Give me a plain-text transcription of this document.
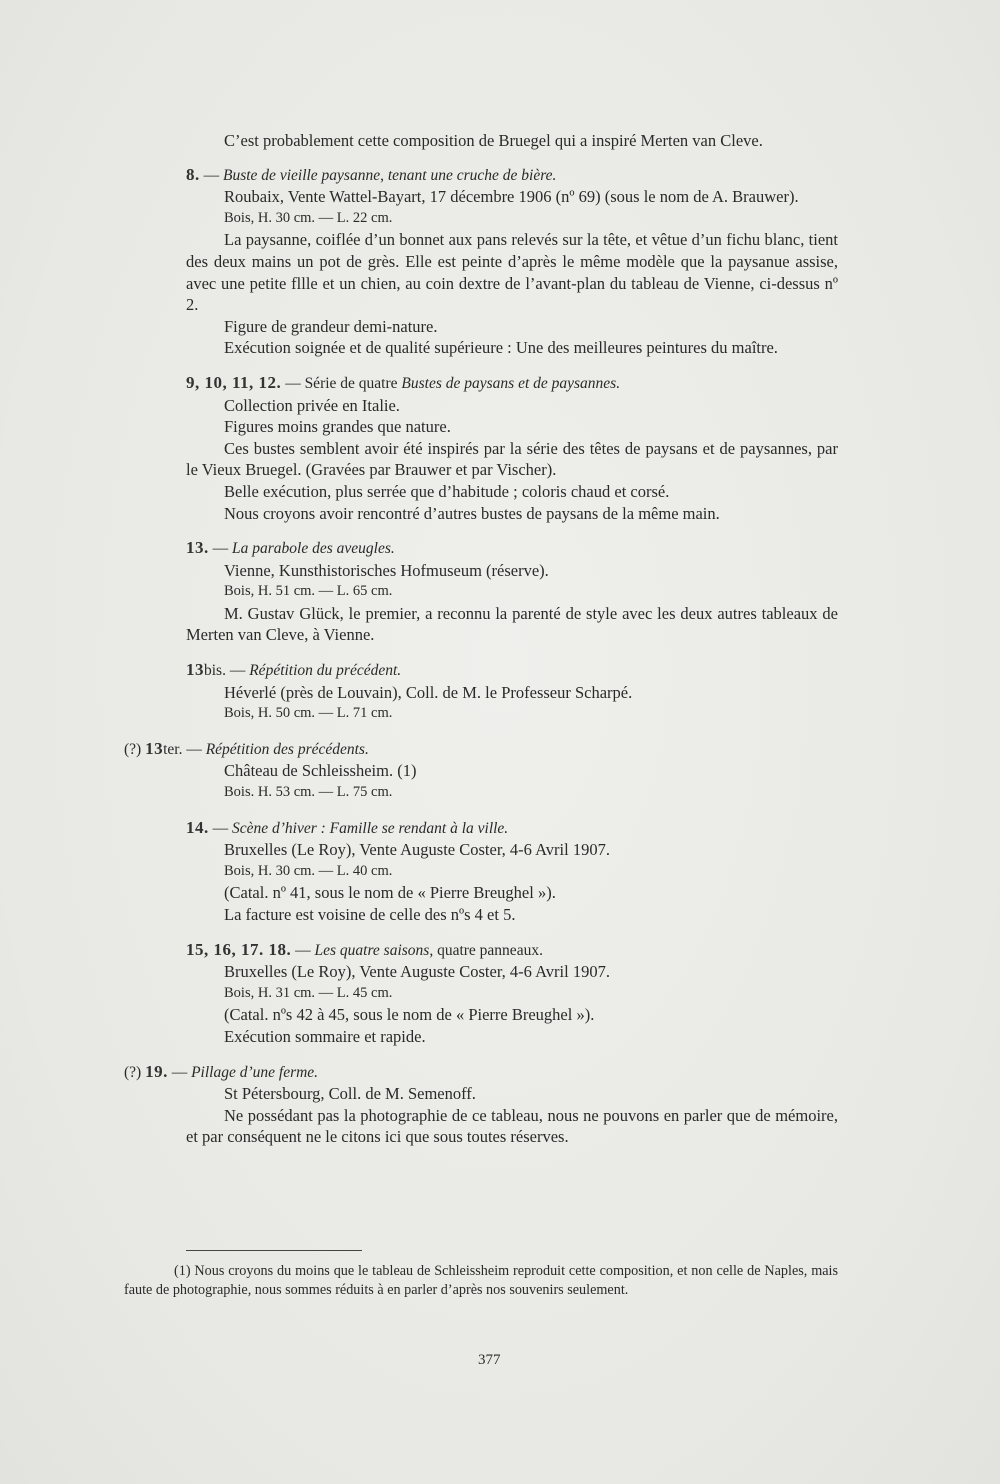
C’est probablement cette composition de Bruegel qui a inspiré Merten van Cleve.

8. — Buste de vieille paysanne, tenant une cruche de bière.

Roubaix, Vente Wattel-Bayart, 17 décembre 1906 (nº 69) (sous le nom de A. Brauwer).

Bois, H. 30 cm. — L. 22 cm.

La paysanne, coiflée d’un bonnet aux pans relevés sur la tête, et vêtue d’un fichu blanc, tient des deux mains un pot de grès. Elle est peinte d’après le même modèle que la paysanue assise, avec une petite fllle et un chien, au coin dextre de l’avant-plan du tableau de Vienne, ci-dessus nº 2.

Figure de grandeur demi-nature.

Exécution soignée et de qualité supérieure : Une des meilleures peintures du maître.

9, 10, 11, 12. — Série de quatre Bustes de paysans et de paysannes.

Collection privée en Italie.

Figures moins grandes que nature.

Ces bustes semblent avoir été inspirés par la série des têtes de paysans et de paysannes, par le Vieux Bruegel. (Gravées par Brauwer et par Vischer).

Belle exécution, plus serrée que d’habitude ; coloris chaud et corsé.

Nous croyons avoir rencontré d’autres bustes de paysans de la même main.

13. — La parabole des aveugles.

Vienne, Kunsthistorisches Hofmuseum (réserve).

Bois, H. 51 cm. — L. 65 cm.

M. Gustav Glück, le premier, a reconnu la parenté de style avec les deux autres tableaux de Merten van Cleve, à Vienne.

13bis. — Répétition du précédent.

Héverlé (près de Louvain), Coll. de M. le Professeur Scharpé.

Bois, H. 50 cm. — L. 71 cm.

(?) 13ter. — Répétition des précédents.

Château de Schleissheim. (1)

Bois. H. 53 cm. — L. 75 cm.

14. — Scène d’hiver : Famille se rendant à la ville.

Bruxelles (Le Roy), Vente Auguste Coster, 4-6 Avril 1907.

Bois, H. 30 cm. — L. 40 cm.

(Catal. nº 41, sous le nom de « Pierre Breughel »).

La facture est voisine de celle des nºs 4 et 5.

15, 16, 17. 18. — Les quatre saisons, quatre panneaux.

Bruxelles (Le Roy), Vente Auguste Coster, 4-6 Avril 1907.

Bois, H. 31 cm. — L. 45 cm.

(Catal. nºs 42 à 45, sous le nom de « Pierre Breughel »).

Exécution sommaire et rapide.

(?) 19. — Pillage d’une ferme.

St Pétersbourg, Coll. de M. Semenoff.

Ne possédant pas la photographie de ce tableau, nous ne pouvons en parler que de mémoire, et par conséquent ne le citons ici que sous toutes réserves.

(1) Nous croyons du moins que le tableau de Schleissheim reproduit cette composition, et non celle de Naples, mais faute de photographie, nous sommes réduits à en parler d’après nos souvenirs seulement.

377
